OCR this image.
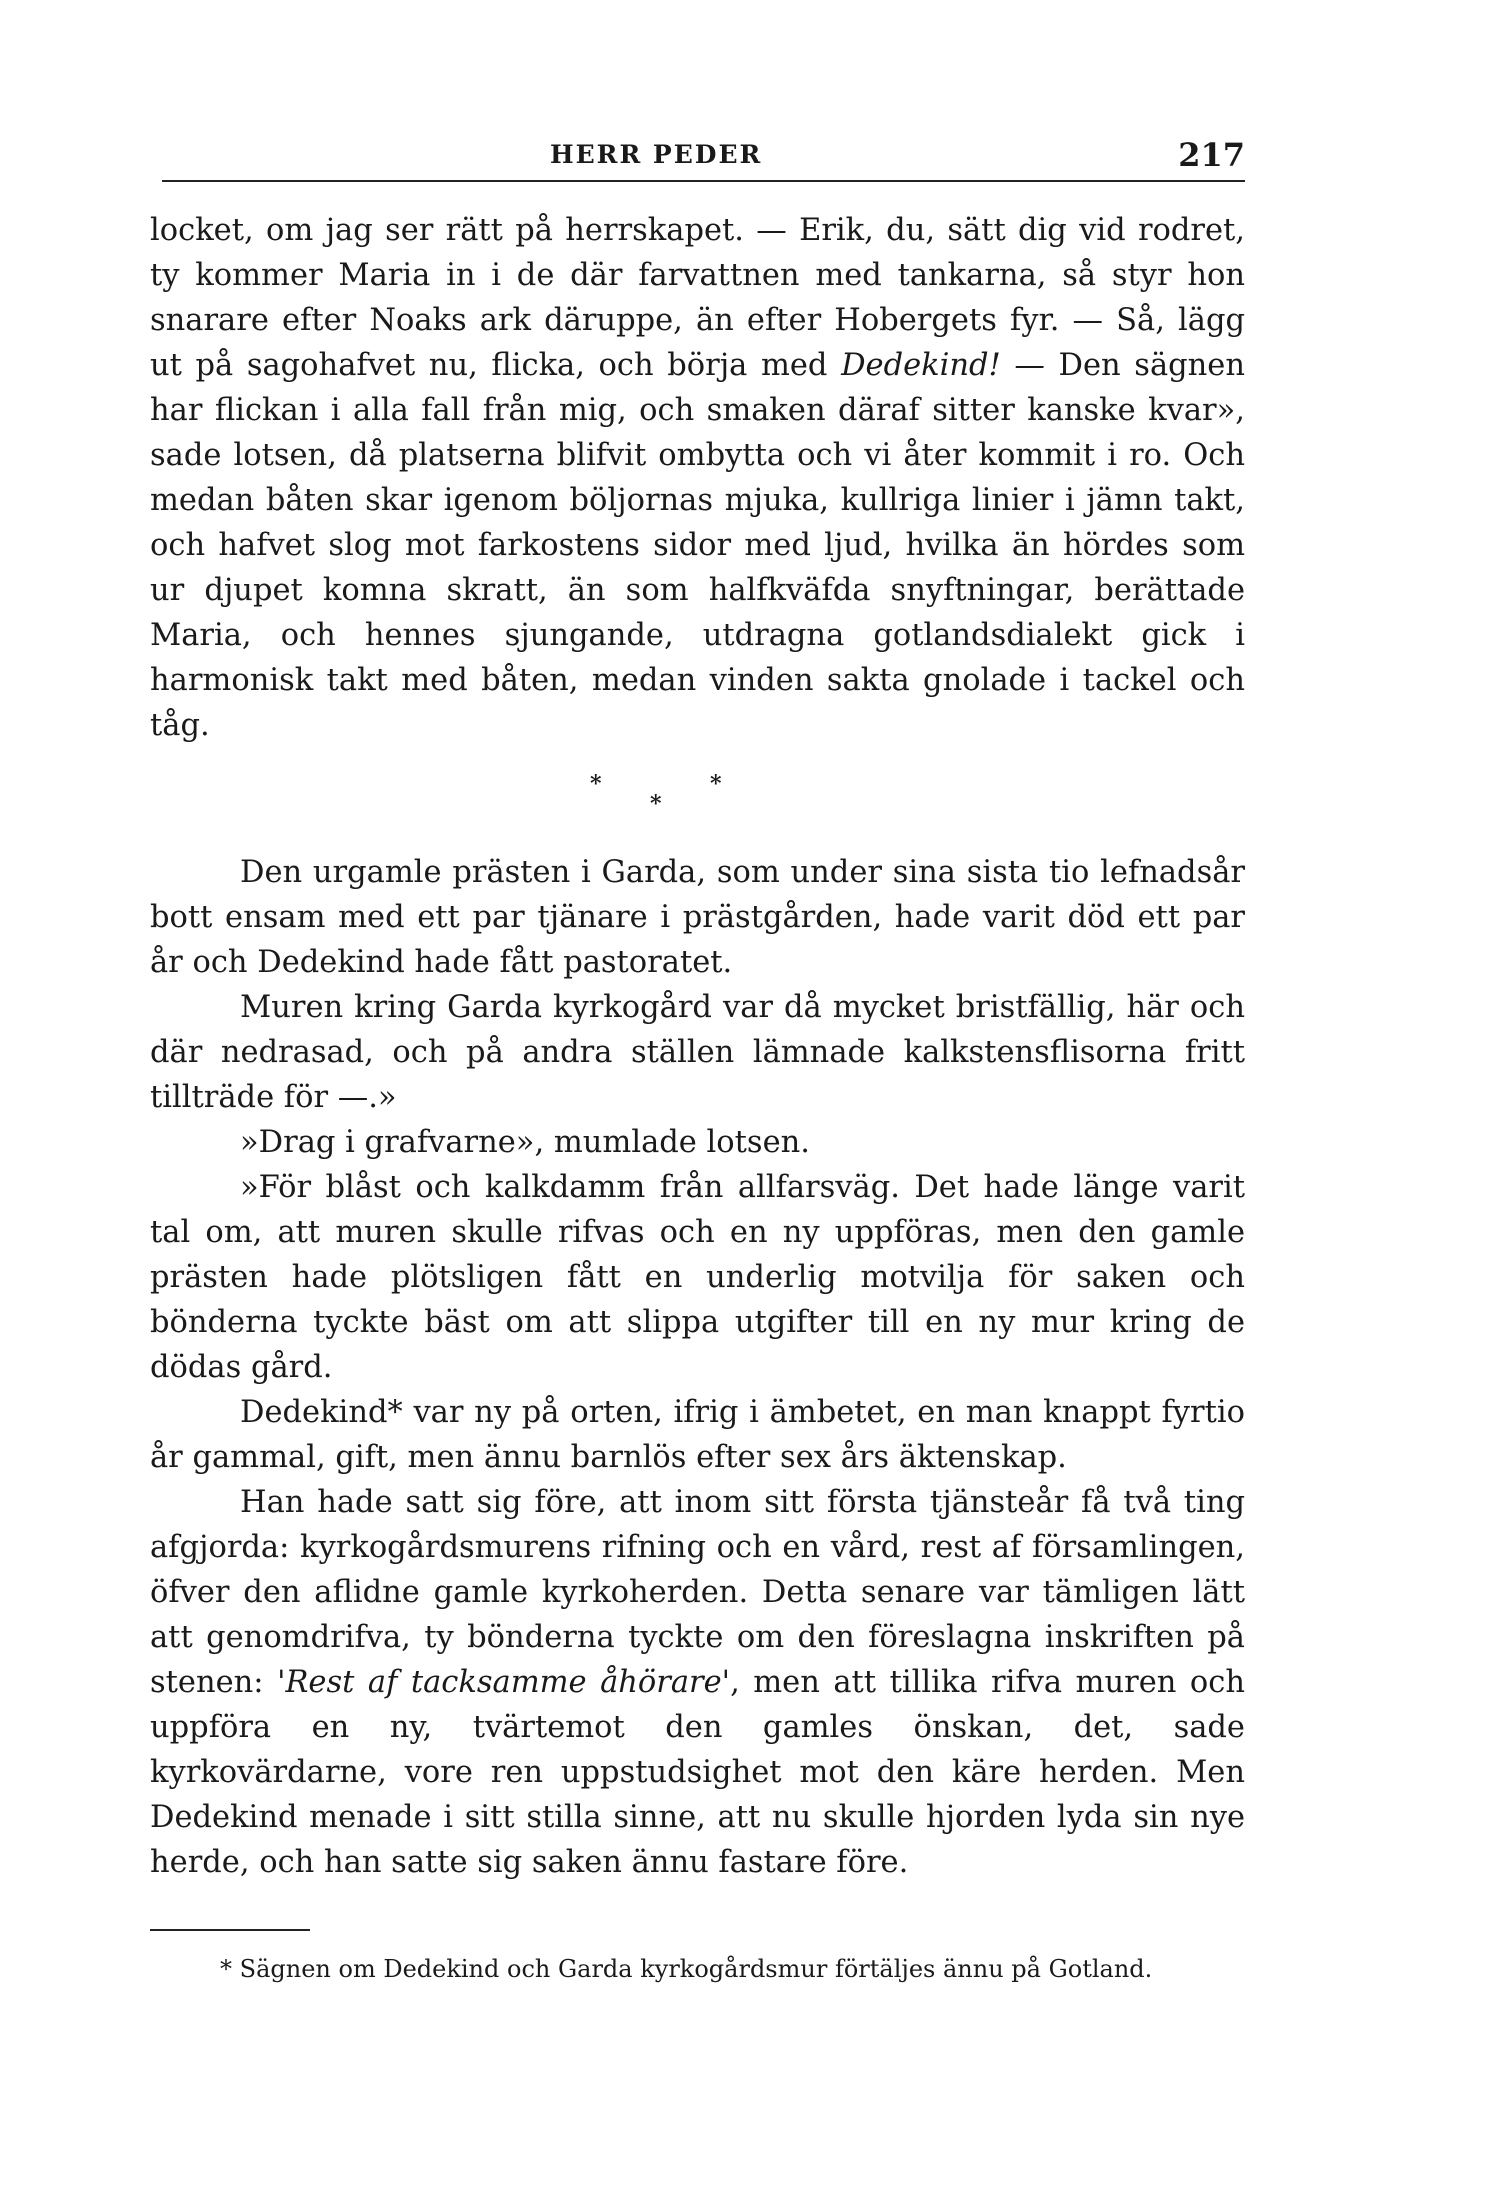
HERR PEDER	217

locket, om jag ser rätt på herrskapet. — Erik, du, sätt dig vid rodret, ty kommer Maria in i de där farvattnen med tankarna, så styr hon snarare efter Noaks ark däruppe, än efter Hobergets fyr. — Så, lägg ut på sagohafvet nu, flicka, och börja med Dedekind! — Den sägnen har flickan i alla fall från mig, och smaken däraf sitter kanske kvar», sade lotsen, då platserna blifvit ombytta och vi åter kommit i ro. Och medan båten skar igenom böljornas mjuka, kullriga linier i jämn takt, och hafvet slog mot farkostens sidor med ljud, hvilka än hördes som ur djupet komna skratt, än som halfkväfda snyftningar, berättade Maria, och hennes sjungande, utdragna gotlandsdialekt gick i harmonisk takt med båten, medan vinden sakta gnolade i tackel och tåg.

*	*
*

Den urgamle prästen i Garda, som under sina sista tio lefnadsår bott ensam med ett par tjänare i prästgården, hade varit död ett par år och Dedekind hade fått pastoratet.

Muren kring Garda kyrkogård var då mycket bristfällig, här och där nedrasad, och på andra ställen lämnade kalkstensflisorna fritt tillträde för —.»

»Drag i grafvarne», mumlade lotsen.

»För blåst och kalkdamm från allfarsväg. Det hade länge varit tal om, att muren skulle rifvas och en ny uppföras, men den gamle prästen hade plötsligen fått en underlig motvilja för saken och bönderna tyckte bäst om att slippa utgifter till en ny mur kring de dödas gård.

Dedekind* var ny på orten, ifrig i ämbetet, en man knappt fyrtio år gammal, gift, men ännu barnlös efter sex års äktenskap.

Han hade satt sig före, att inom sitt första tjänsteår få två ting afgjorda: kyrkogårdsmurens rifning och en vård, rest af församlingen, öfver den aflidne gamle kyrkoherden. Detta senare var tämligen lätt att genomdrifva, ty bönderna tyckte om den föreslagna inskriften på stenen: 'Rest af tacksamme åhörare', men att tillika rifva muren och uppföra en ny, tvärtemot den gamles önskan, det, sade kyrkovärdarne, vore ren uppstudsighet mot den käre herden. Men Dedekind menade i sitt stilla sinne, att nu skulle hjorden lyda sin nye herde, och han satte sig saken ännu fastare före.

* Sägnen om Dedekind och Garda kyrkogårdsmur förtäljes ännu på Gotland.
